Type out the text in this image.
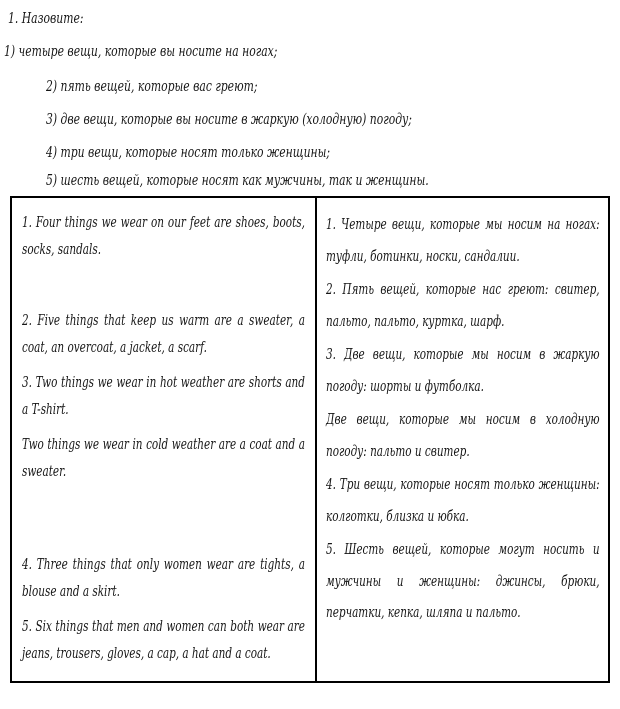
1. Назовите:
1) четыре вещи, которые вы носите на ногах;
2) пять вещей, которые вас греют;
3) две вещи, которые вы носите в жаркую (холодную) погоду;
4) три вещи, которые носят только женщины;
5) шесть вещей, которые носят как мужчины, так и женщины.

1. Four things we wear on our feet are shoes, boots, socks, sandals.

2. Five things that keep us warm are a sweater, a coat, an overcoat, a jacket, a scarf.

3. Two things we wear in hot weather are shorts and a T-shirt.

Two things we wear in cold weather are a coat and a sweater.

4. Three things that only women wear are tights, a blouse and a skirt.

5. Six things that men and women can both wear are jeans, trousers, gloves, a cap, a hat and a coat.

1. Четыре вещи, которые мы носим на ногах: туфли, ботинки, носки, сандалии.

2. Пять вещей, которые нас греют: свитер, пальто, пальто, куртка, шарф.

3. Две вещи, которые мы носим в жаркую погоду: шорты и футболка.

Две вещи, которые мы носим в холодную погоду: пальто и свитер.

4. Три вещи, которые носят только женщины: колготки, близка и юбка.

5. Шесть вещей, которые могут носить и мужчины и женщины: джинсы, брюки, перчатки, кепка, шляпа и пальто.
